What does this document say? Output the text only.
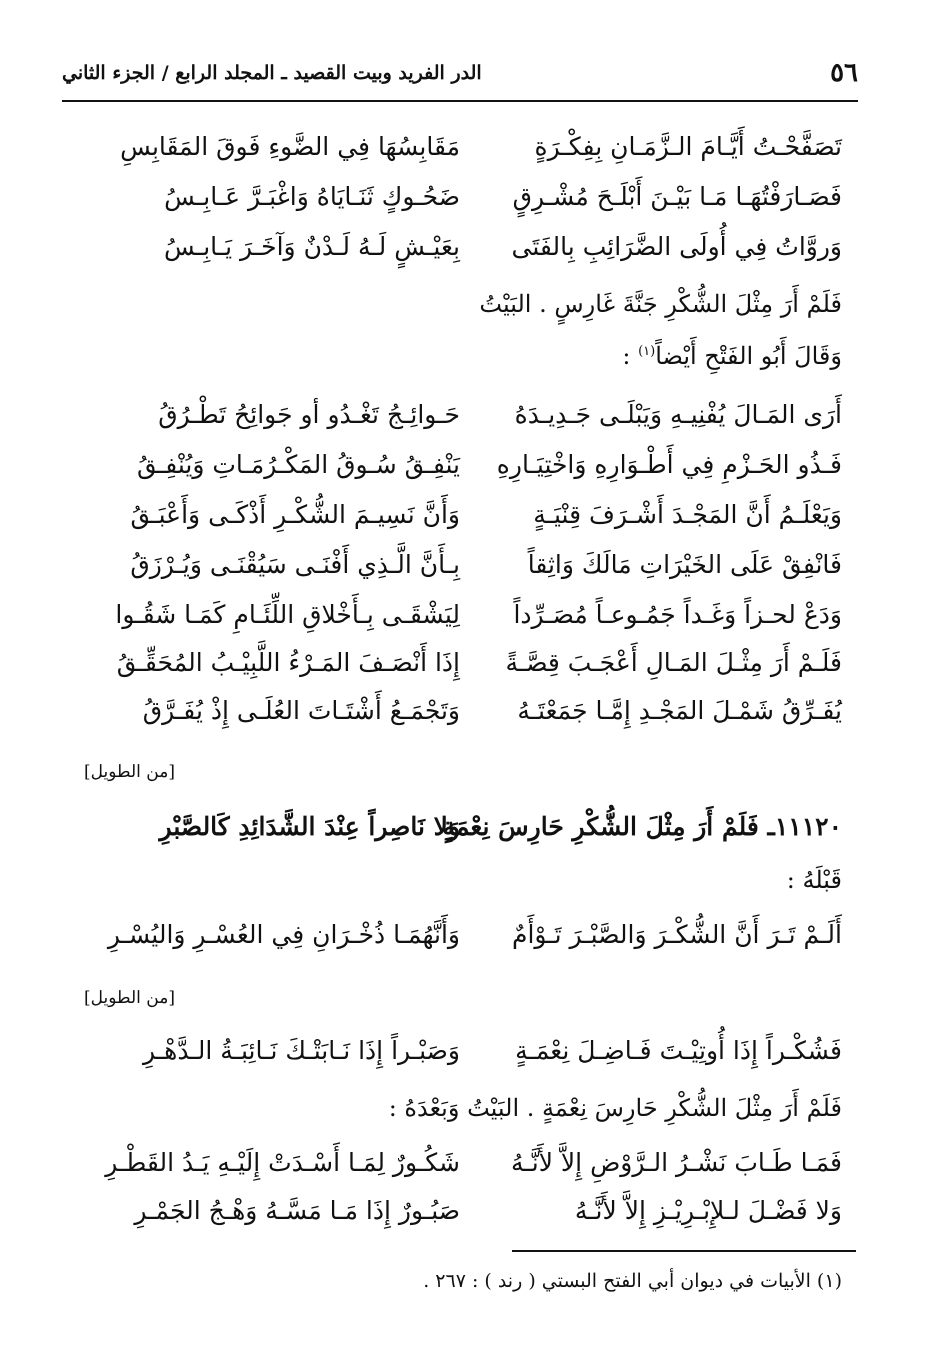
٥٦
الدر الفريد وبيت القصيد ـ المجلد الرابع / الجزء الثاني
تَصَفَّحْـتُ أَيَّـامَ الـزَّمَـانِ بِفِكْـرَةٍ
مَقَابِسُهَا فِي الضَّوءِ فَوقَ المَقَابِسِ
فَصَـارَفْتُهَـا مَـا بَيْـنَ أَبْلَـحَ مُشْـرِقٍ
ضَحُـوكٍ ثَنَـايَاهُ وَاغْبَـرَّ عَـابِـسُ
وَروَّاتُ فِي أُولَى الضَّرَائِبِ بِالفَتَى
بِعَيْـشٍ لَـهُ لَـدْنٌ وَآخَـرَ يَـابِـسُ
فَلَمْ أَرَ مِثْلَ الشُّكْرِ جَنَّةَ غَارِسٍ . البَيْتُ
وَقَالَ أَبُو الفَتْحِ أَيْضاً$^{(١)}$ :
أَرَى المَـالَ يُفْنِيـهِ وَيَبْلَـى جَـدِيـدَهُ
حَـوائِـجُ تَغْـدُو أو جَوائِحُ تَطْـرُقُ
فَـذُو الحَـزْمِ فِي أَطْـوَارِهِ وَاخْتِيَـارِهِ
يَنْفِـقُ سُـوقُ المَكْـرُمَـاتِ وَيُنْفِـقُ
وَيَعْلَـمُ أَنَّ المَجْـدَ أَشْـرَفَ قِنْيَـةٍ
وَأَنَّ نَسِيـمَ الشُّكْـرِ أَذْكَـى وَأَعْبَـقُ
فَانْفِقْ عَلَى الخَيْرَاتِ مَالَكَ وَاثِقاً
بِـأَنَّ الَّـذِي أَفْنَـى سَيُقْنَـى وَيُـرْزَقُ
وَدَعْ لحـزاً وَغَـداً جَمُـوعـاً مُصَـرِّداً
لِيَشْقَـى بِـأَخْلاقِ اللِّئَـامِ كَمَـا شَقُـوا
فَلَـمْ أَرَ مِثْـلَ المَـالِ أَعْجَـبَ قِصَّـةً
إِذَا أَنْصَـفَ المَـرْءُ اللَّبِيْـبُ المُحَقِّـقُ
يُفَـرِّقُ شَمْـلَ المَجْـدِ إِمَّـا جَمَعْتَـهُ
وَتَجْمَـعُ أَشْتَـاتَ العُلَـى إِذْ يُفَـرَّقُ
[من الطويل]
١١١٢٠ـ فَلَمْ أَرَ مِثْلَ الشُّكْرِ حَارِسَ نِعْمَةٍ
وَلا نَاصِراً عِنْدَ الشَّدَائِدِ كَالصَّبْرِ
قَبْلَهُ :
أَلَـمْ تَـرَ أَنَّ الشُّكْـرَ وَالصَّبْـرَ تَـوْأَمٌ
وَأَنَّهُمَـا ذُخْـرَانِ فِي العُسْـرِ وَاليُسْـرِ
[من الطويل]
فَشُكْـراً إِذَا أُوتِيْـتَ فَـاضِـلَ نِعْمَـةٍ
وَصَبْـراً إِذَا نَـابَتْـكَ نَـائِبَـةُ الـدَّهْـرِ
فَلَمْ أَرَ مِثْلَ الشُّكْرِ حَارِسَ نِعْمَةٍ . البَيْتُ وَبَعْدَهُ :
فَمَـا طَـابَ نَشْـرُ الـرَّوْضِ إِلاَّ لأَنَّـهُ
شَكُـورٌ لِمَـا أَسْـدَتْ إِلَيْـهِ يَـدُ القَطْـرِ
وَلا فَضْـلَ لـلإِبْـرِيْـزِ إِلاَّ لأَنَّـهُ
صَبُـورٌ إِذَا مَـا مَسَّـهُ وَهْـجُ الجَمْـرِ
(١) الأبيات في ديوان أبي الفتح البستي ( رند ) : ٢٦٧ .
